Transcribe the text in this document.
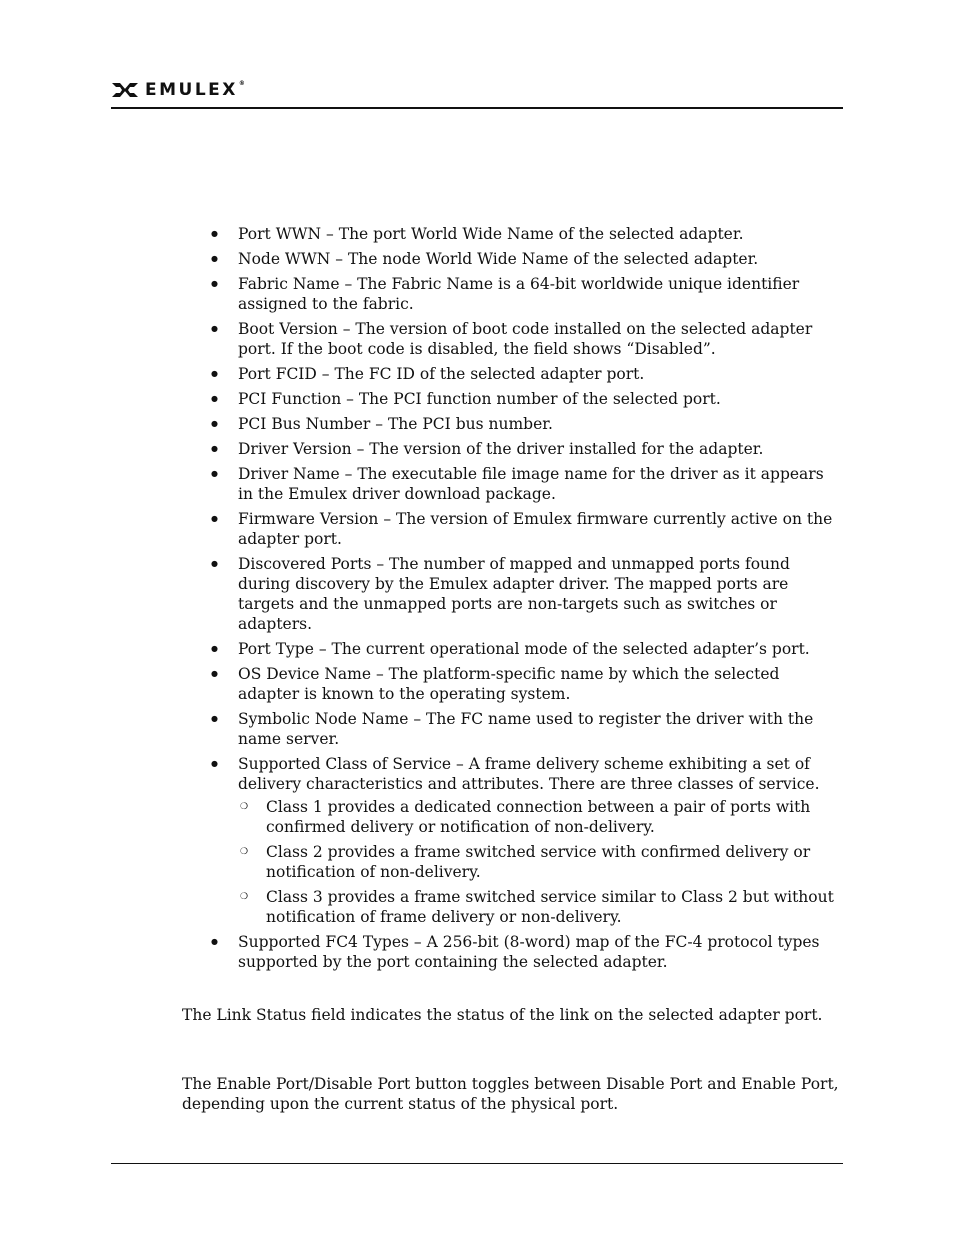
EMULEX®
● Port WWN – The port World Wide Name of the selected adapter.
● Node WWN – The node World Wide Name of the selected adapter.
● Fabric Name – The Fabric Name is a 64-bit worldwide unique identifier assigned to the fabric.
● Boot Version – The version of boot code installed on the selected adapter port. If the boot code is disabled, the field shows “Disabled”.
● Port FCID – The FC ID of the selected adapter port.
● PCI Function – The PCI function number of the selected port.
● PCI Bus Number – The PCI bus number.
● Driver Version – The version of the driver installed for the adapter.
● Driver Name – The executable file image name for the driver as it appears in the Emulex driver download package.
● Firmware Version – The version of Emulex firmware currently active on the adapter port.
● Discovered Ports – The number of mapped and unmapped ports found during discovery by the Emulex adapter driver. The mapped ports are targets and the unmapped ports are non-targets such as switches or adapters.
● Port Type – The current operational mode of the selected adapter’s port.
● OS Device Name – The platform-specific name by which the selected adapter is known to the operating system.
● Symbolic Node Name – The FC name used to register the driver with the name server.
● Supported Class of Service – A frame delivery scheme exhibiting a set of delivery characteristics and attributes. There are three classes of service.
❍ Class 1 provides a dedicated connection between a pair of ports with confirmed delivery or notification of non-delivery.
❍ Class 2 provides a frame switched service with confirmed delivery or notification of non-delivery.
❍ Class 3 provides a frame switched service similar to Class 2 but without notification of frame delivery or non-delivery.
● Supported FC4 Types – A 256-bit (8-word) map of the FC-4 protocol types supported by the port containing the selected adapter.

The Link Status field indicates the status of the link on the selected adapter port.

The Enable Port/Disable Port button toggles between Disable Port and Enable Port, depending upon the current status of the physical port.
